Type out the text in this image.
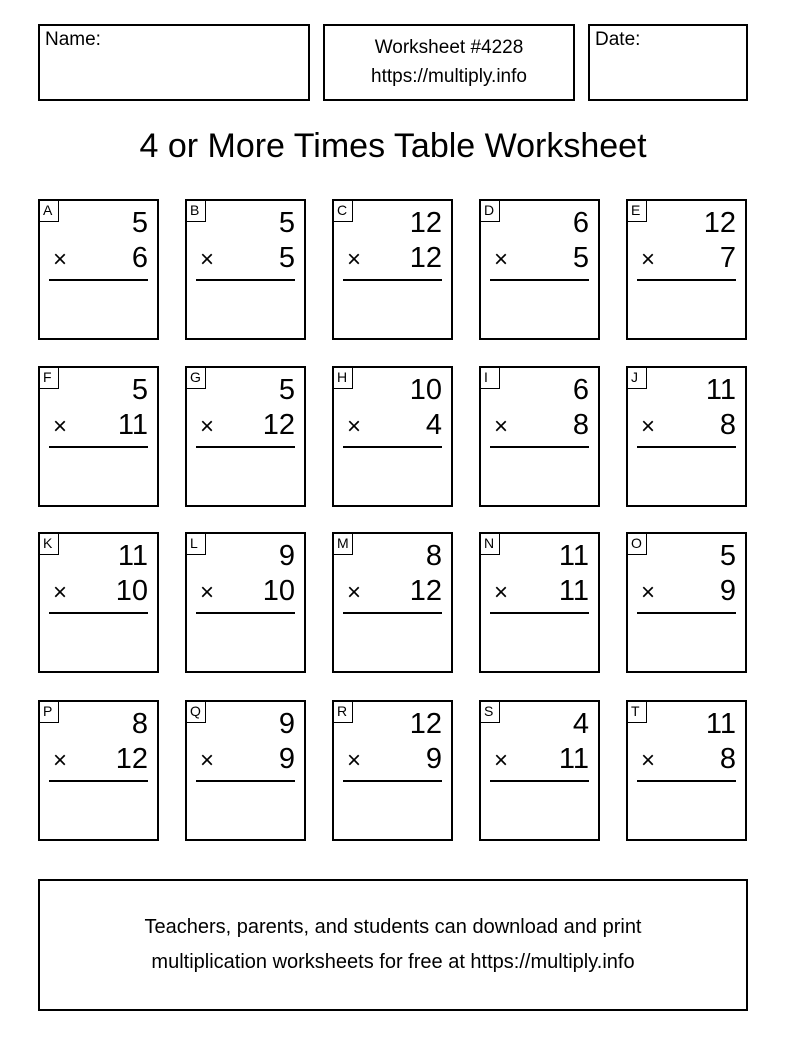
Name:	Worksheet #4228
https://multiply.info
Date:
4 or More Times Table Worksheet
A	5
× 6
B	5
× 5
C 12
× 12
D	6
× 5
E 12
× 7
F	5
× 11
G	5
× 12
H 10
× 4
I	6
× 8
J	11
× 8
K 11
× 10
L	9
× 10
M	8
× 12
N 11
× 11
O	5
× 9
P	8
× 12
Q	9
× 9
R 12
× 9
S	4
× 11
T 11
× 8
Teachers, parents, and students can download and print
multiplication worksheets for free at https://multiply.info
